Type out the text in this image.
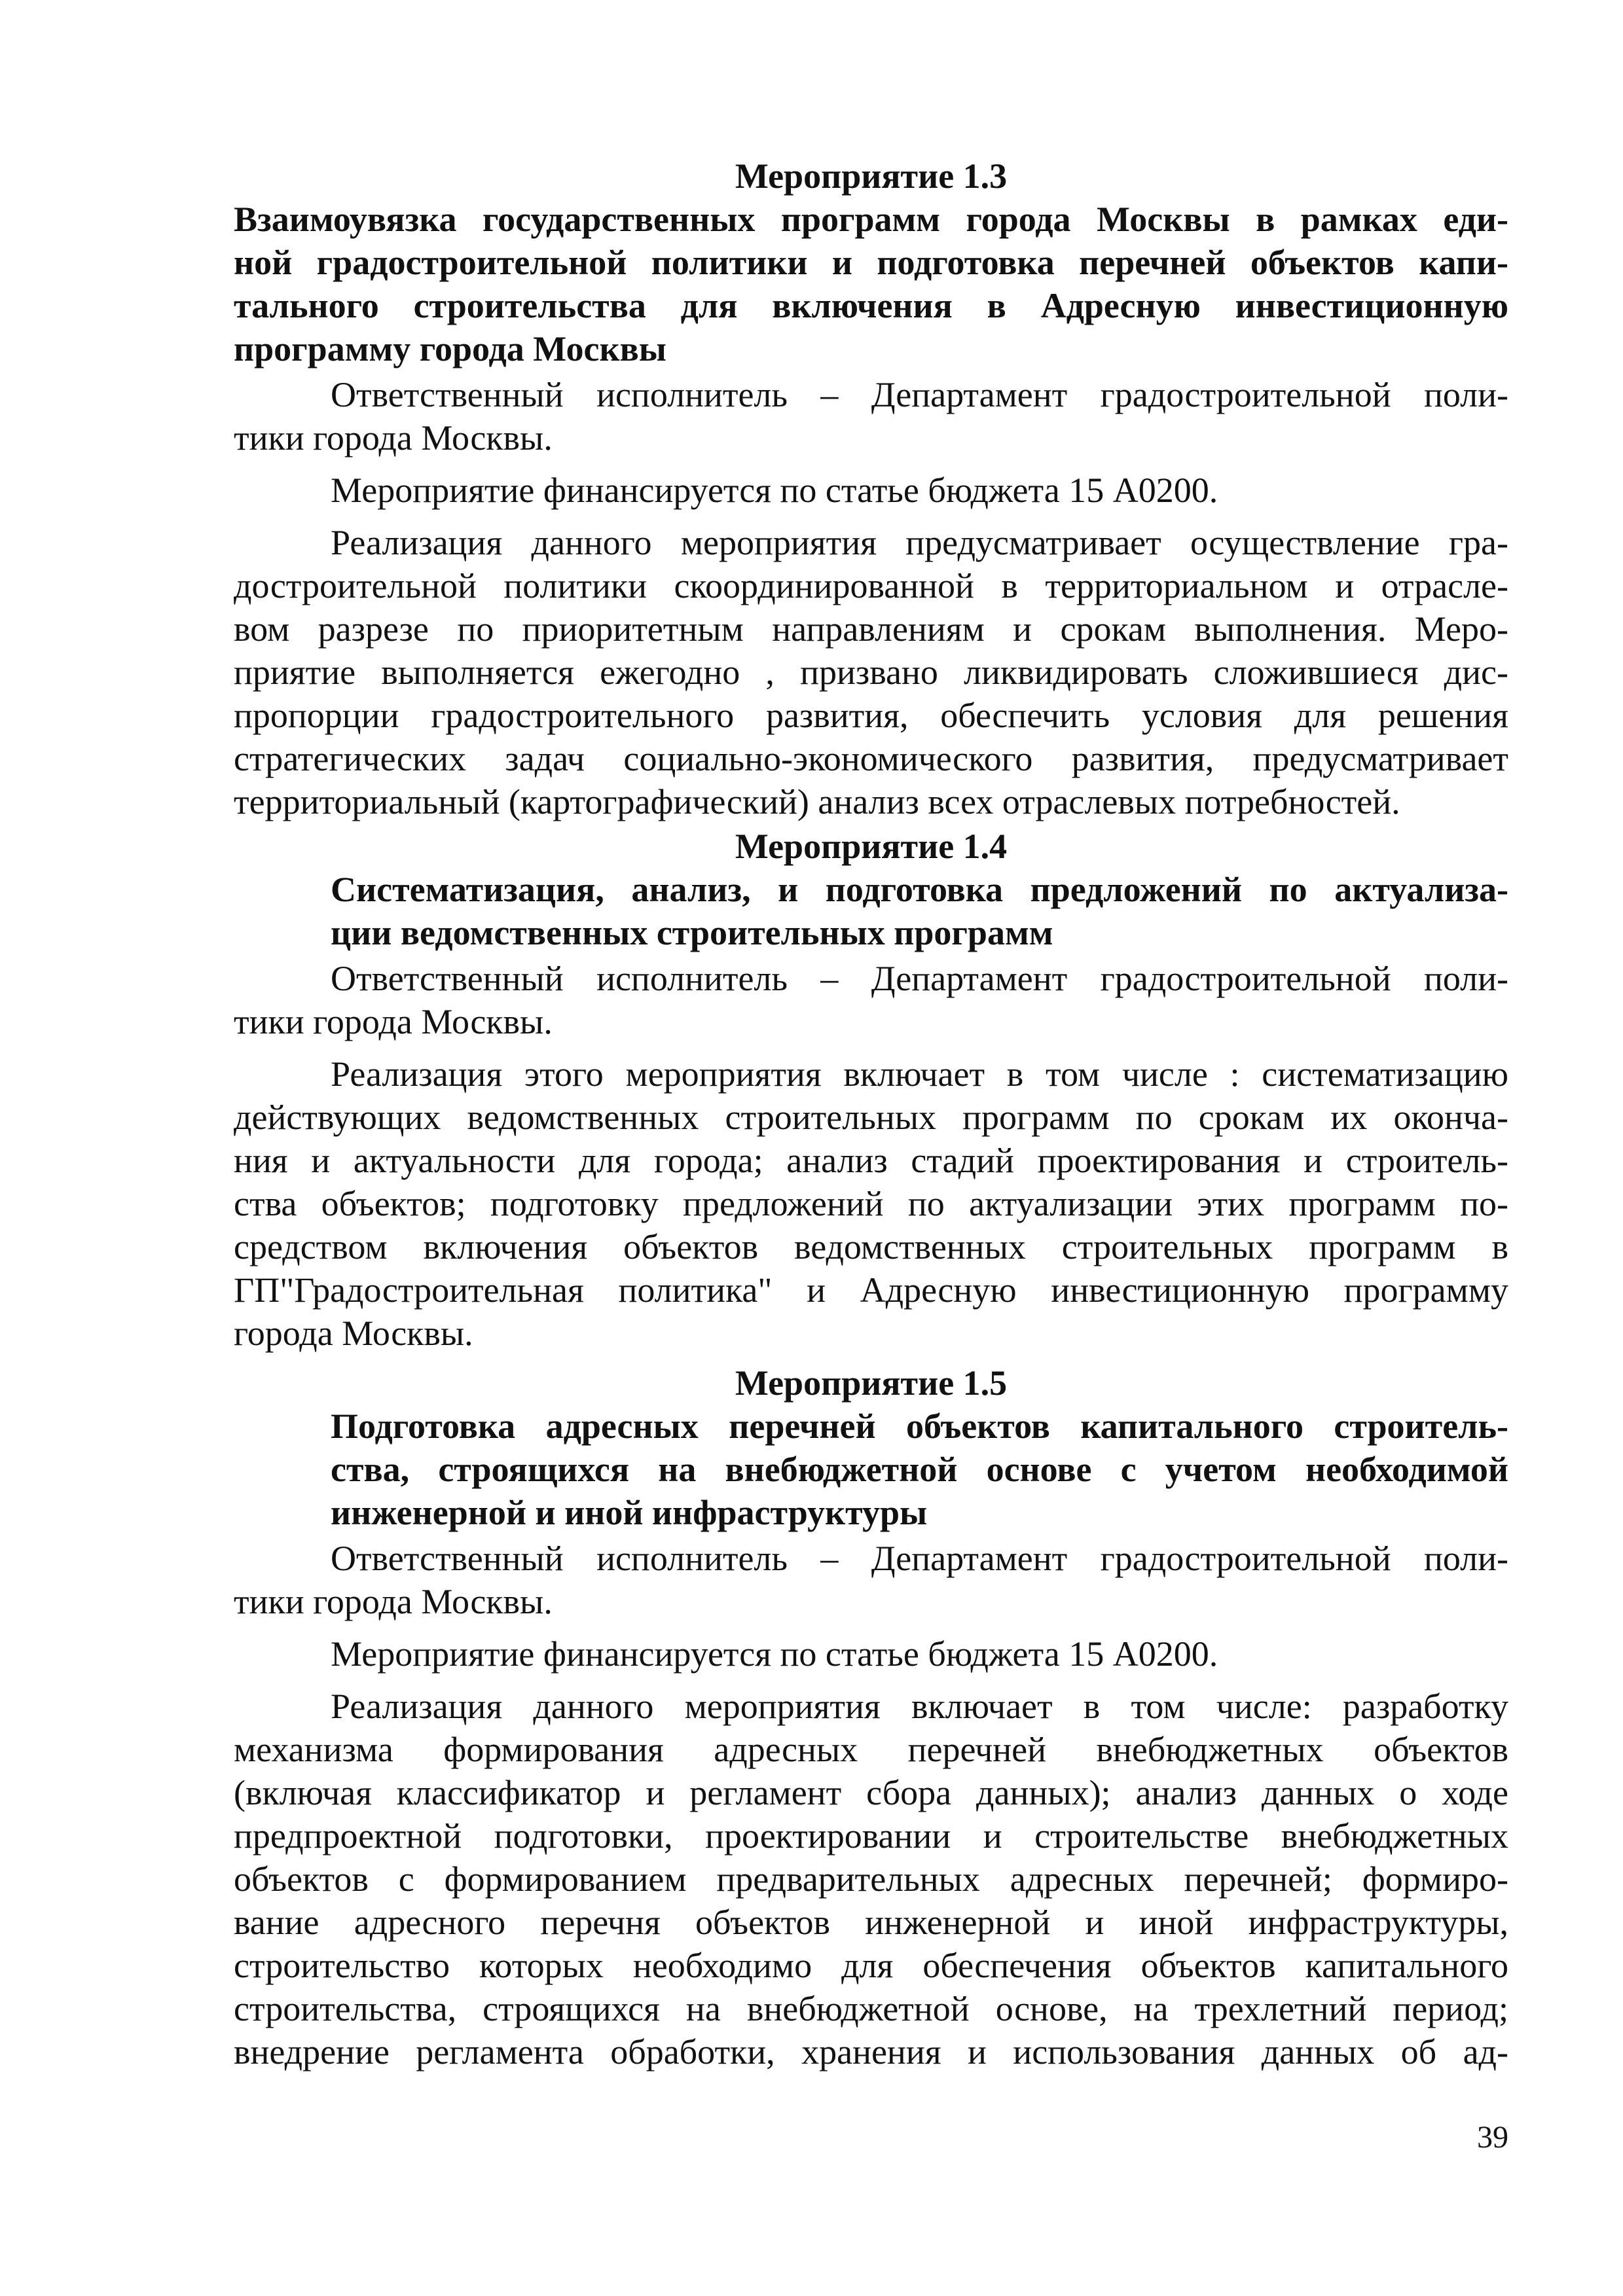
Мероприятие 1.3
Взаимоувязка государственных программ города Москвы в рамках еди-
ной градостроительной политики и подготовка перечней объектов капи-
тального строительства для включения в Адресную инвестиционную
программу города Москвы
Ответственный исполнитель – Департамент градостроительной поли-
тики города Москвы.
Мероприятие финансируется по статье бюджета 15 А0200.
Реализация данного мероприятия предусматривает осуществление гра-
достроительной политики скоординированной в территориальном и отрасле-
вом разрезе по приоритетным направлениям и срокам выполнения. Меро-
приятие выполняется ежегодно , призвано ликвидировать сложившиеся дис-
пропорции градостроительного развития, обеспечить условия для решения
стратегических задач социально-экономического развития, предусматривает
территориальный (картографический) анализ всех отраслевых потребностей.
Мероприятие 1.4
Систематизация, анализ, и подготовка предложений по актуализа-
ции ведомственных строительных программ
Ответственный исполнитель – Департамент градостроительной поли-
тики города Москвы.
Реализация этого мероприятия включает в том числе : систематизацию
действующих ведомственных строительных программ по срокам их оконча-
ния и актуальности для города; анализ стадий проектирования и строитель-
ства объектов; подготовку предложений по актуализации этих программ по-
средством включения объектов ведомственных строительных программ в
ГП"Градостроительная политика" и Адресную инвестиционную программу
города Москвы.
Мероприятие 1.5
Подготовка адресных перечней объектов капитального строитель-
ства, строящихся на внебюджетной основе с учетом необходимой
инженерной и иной инфраструктуры
Ответственный исполнитель – Департамент градостроительной поли-
тики города Москвы.
Мероприятие финансируется по статье бюджета 15 А0200.
Реализация данного мероприятия включает в том числе: разработку
механизма формирования адресных перечней внебюджетных объектов
(включая классификатор и регламент сбора данных); анализ данных о ходе
предпроектной подготовки, проектировании и строительстве внебюджетных
объектов с формированием предварительных адресных перечней; формиро-
вание адресного перечня объектов инженерной и иной инфраструктуры,
строительство которых необходимо для обеспечения объектов капитального
строительства, строящихся на внебюджетной основе, на трехлетний период;
внедрение регламента обработки, хранения и использования данных об ад-
39
